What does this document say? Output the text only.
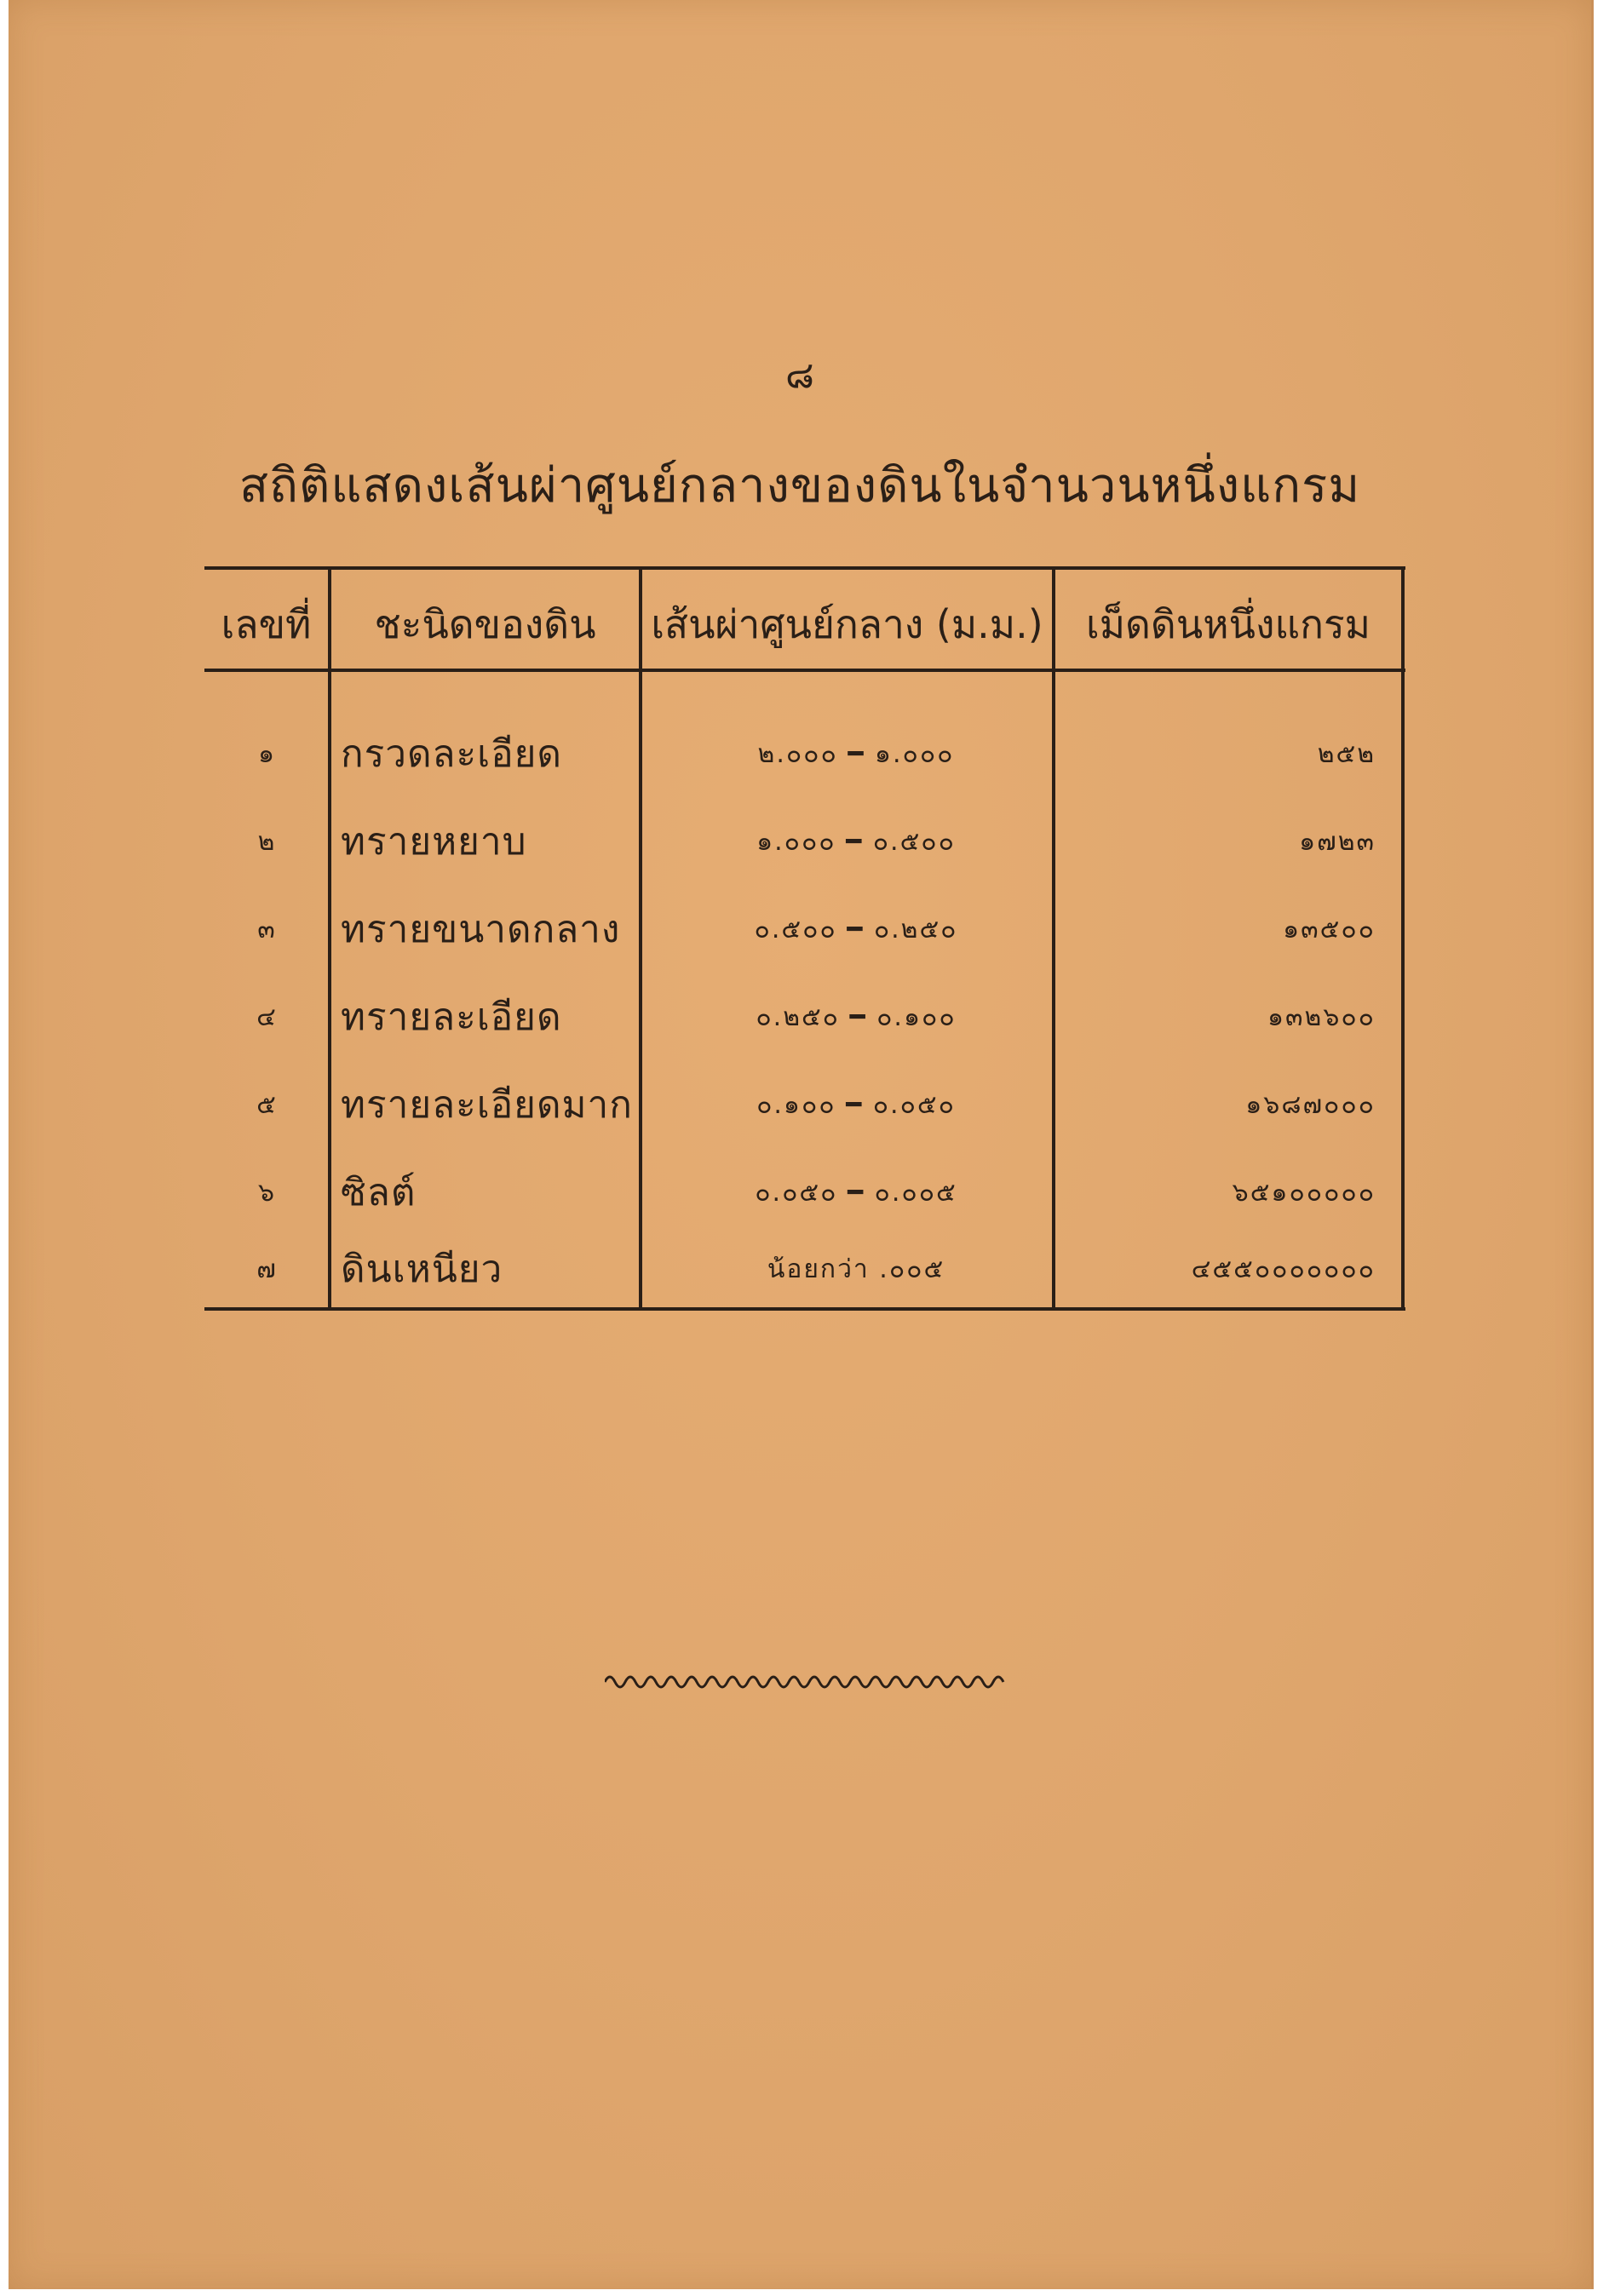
๘
สถิติแสดงเส้นผ่าศูนย์กลางของดินในจำนวนหนึ่งแกรม
เลขที่	ชะนิดของดิน	เส้นผ่าศูนย์กลาง (ม.ม.)	เม็ดดินหนึ่งแกรม
๑	กรวดละเอียด	๒.๐๐๐ ━ ๑.๐๐๐	๒๕๒
๒	ทรายหยาบ	๑.๐๐๐ ━ ๐.๕๐๐	๑๗๒๓
๓	ทรายขนาดกลาง	๐.๕๐๐ ━ ๐.๒๕๐	๑๓๕๐๐
๔	ทรายละเอียด	๐.๒๕๐ ━ ๐.๑๐๐	๑๓๒๖๐๐
๕	ทรายละเอียดมาก	๐.๑๐๐ ━ ๐.๐๕๐	๑๖๘๗๐๐๐
๖	ซิลต์	๐.๐๕๐ ━ ๐.๐๐๕	๖๕๑๐๐๐๐๐
๗	ดินเหนียว	น้อยกว่า .๐๐๕	๔๕๕๐๐๐๐๐๐๐
